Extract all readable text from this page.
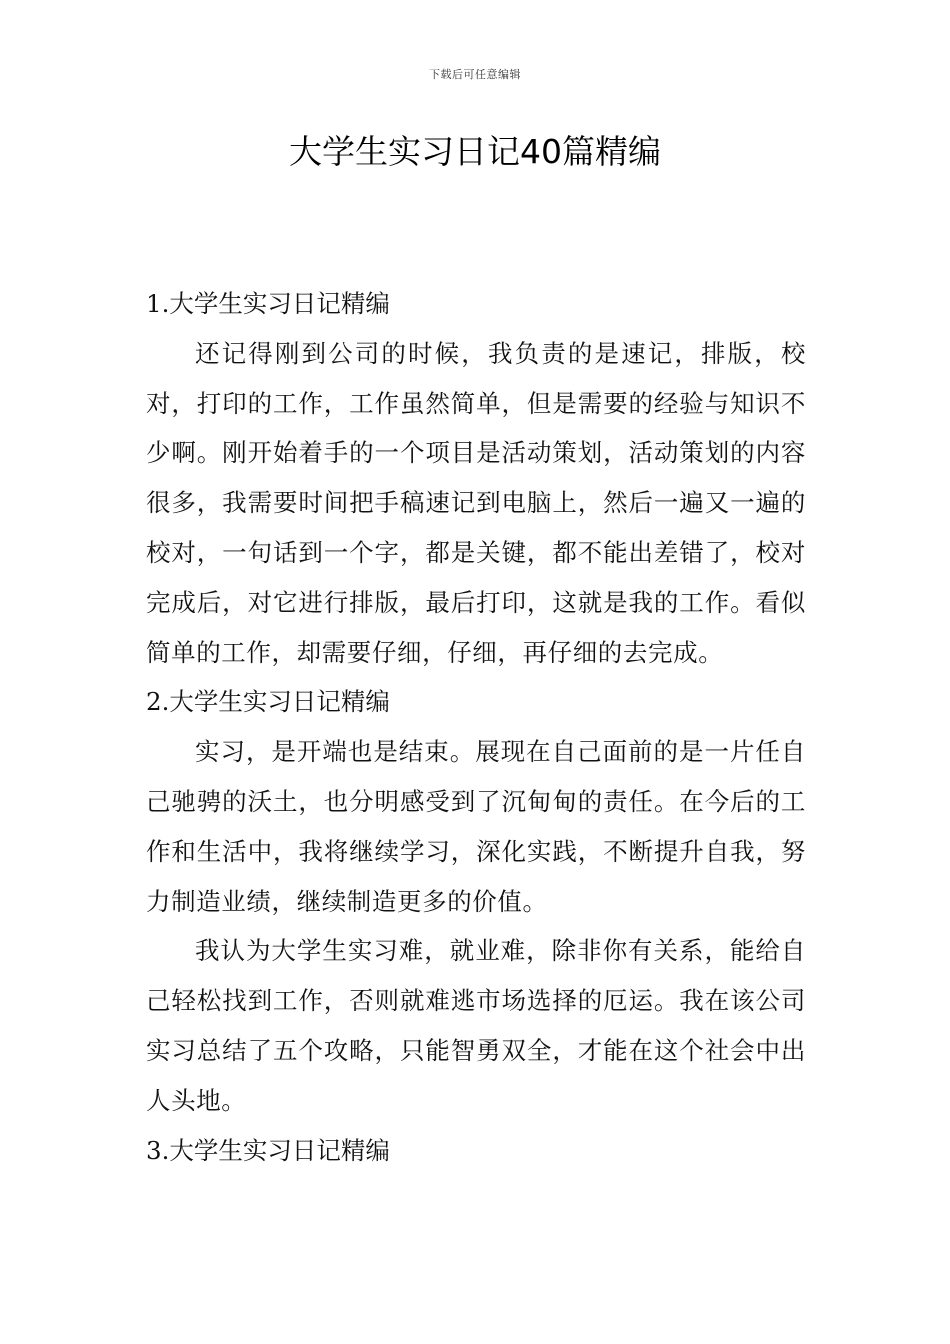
下载后可任意编辑
大学生实习日记40篇精编
1.大学生实习日记精编

还记得刚到公司的时候，我负责的是速记，排版，校对，打印的工作，工作虽然简单，但是需要的经验与知识不少啊。刚开始着手的一个项目是活动策划，活动策划的内容很多，我需要时间把手稿速记到电脑上，然后一遍又一遍的校对，一句话到一个字，都是关键，都不能出差错了，校对完成后，对它进行排版，最后打印，这就是我的工作。看似简单的工作，却需要仔细，仔细，再仔细的去完成。

2.大学生实习日记精编

实习，是开端也是结束。展现在自己面前的是一片任自己驰骋的沃土，也分明感受到了沉甸甸的责任。在今后的工作和生活中，我将继续学习，深化实践，不断提升自我，努力制造业绩，继续制造更多的价值。

我认为大学生实习难，就业难，除非你有关系，能给自己轻松找到工作，否则就难逃市场选择的厄运。我在该公司实习总结了五个攻略，只能智勇双全，才能在这个社会中出人头地。

3.大学生实习日记精编
